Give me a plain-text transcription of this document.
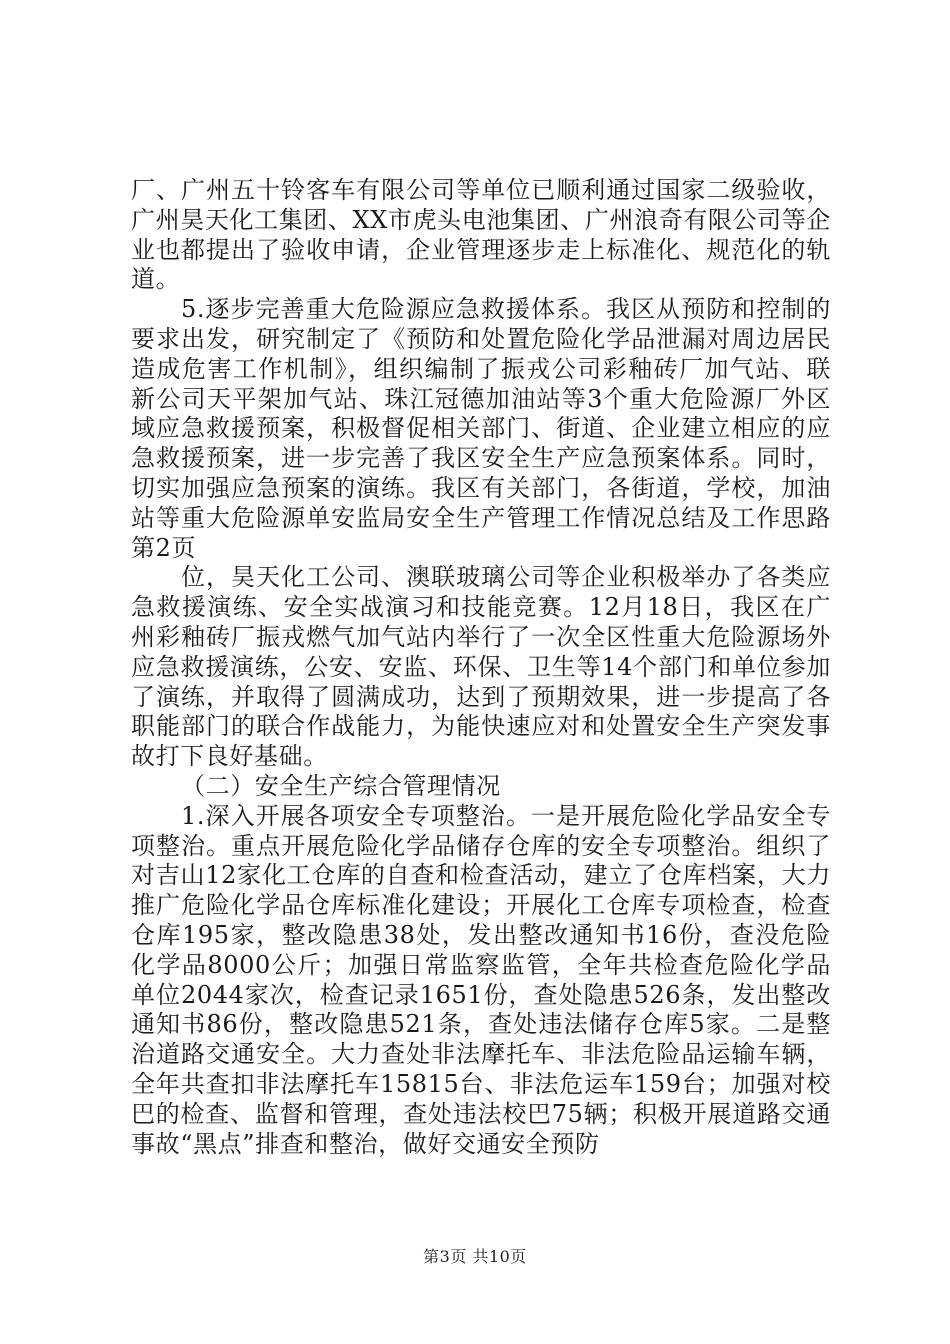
厂、广州五十铃客车有限公司等单位已顺利通过国家二级验收，广州昊天化工集团、XX市虎头电池集团、广州浪奇有限公司等企业也都提出了验收申请，企业管理逐步走上标准化、规范化的轨道。

5.逐步完善重大危险源应急救援体系。我区从预防和控制的要求出发，研究制定了《预防和处置危险化学品泄漏对周边居民造成危害工作机制》，组织编制了振戎公司彩釉砖厂加气站、联新公司天平架加气站、珠江冠德加油站等3个重大危险源厂外区域应急救援预案，积极督促相关部门、街道、企业建立相应的应急救援预案，进一步完善了我区安全生产应急预案体系。同时，切实加强应急预案的演练。我区有关部门，各街道，学校，加油站等重大危险源单安监局安全生产管理工作情况总结及工作思路第2页

位，昊天化工公司、澳联玻璃公司等企业积极举办了各类应急救援演练、安全实战演习和技能竞赛。12月18日，我区在广州彩釉砖厂振戎燃气加气站内举行了一次全区性重大危险源场外应急救援演练，公安、安监、环保、卫生等14个部门和单位参加了演练，并取得了圆满成功，达到了预期效果，进一步提高了各职能部门的联合作战能力，为能快速应对和处置安全生产突发事故打下良好基础。

（二）安全生产综合管理情况

1.深入开展各项安全专项整治。一是开展危险化学品安全专项整治。重点开展危险化学品储存仓库的安全专项整治。组织了对吉山12家化工仓库的自查和检查活动，建立了仓库档案，大力推广危险化学品仓库标准化建设；开展化工仓库专项检查，检查仓库195家，整改隐患38处，发出整改通知书16份，查没危险化学品8000公斤；加强日常监察监管，全年共检查危险化学品单位2044家次，检查记录1651份，查处隐患526条，发出整改通知书86份，整改隐患521条，查处违法储存仓库5家。二是整治道路交通安全。大力查处非法摩托车、非法危险品运输车辆，全年共查扣非法摩托车15815台、非法危运车159台；加强对校巴的检查、监督和管理，查处违法校巴75辆；积极开展道路交通事故“黑点”排查和整治，做好交通安全预防

第3页 共10页
